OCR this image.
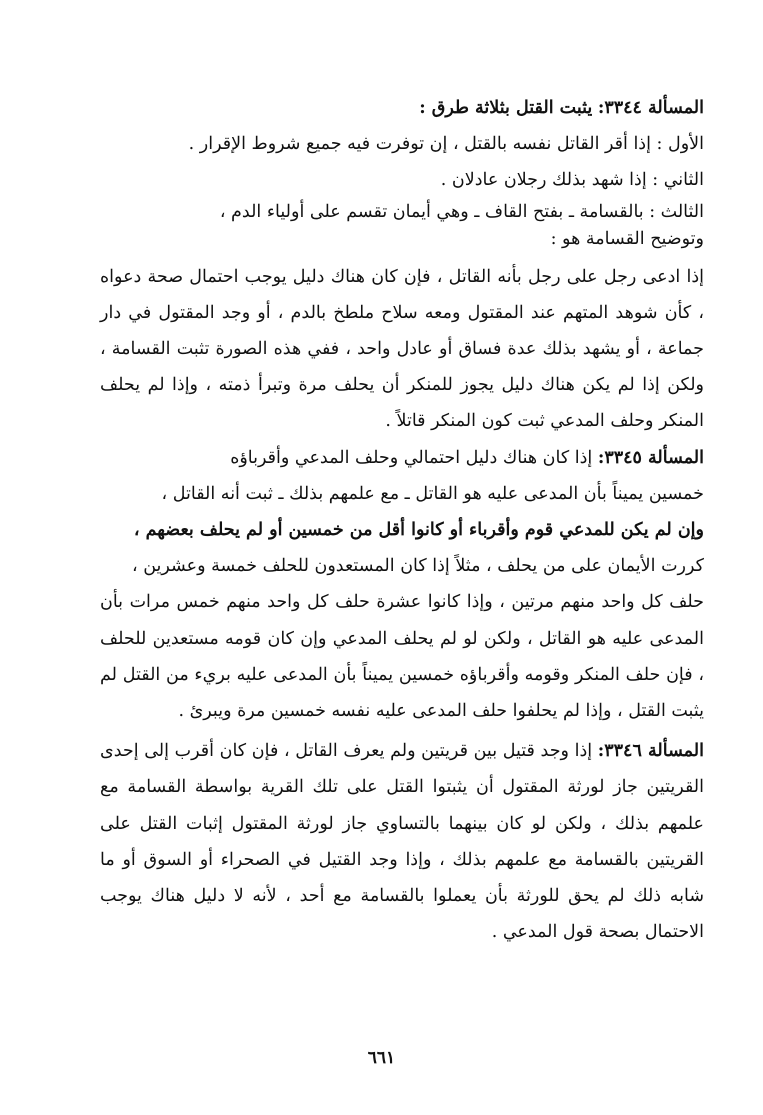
المسألة ٣٣٤٤: يثبت القتل بثلاثة طرق :

الأول : إذا أقر القاتل نفسه بالقتل ، إن توفرت فيه جميع شروط الإقرار .

الثاني : إذا شهد بذلك رجلان عادلان .

الثالث : بالقسامة ـ بفتح القاف ـ وهي أيمان تقسم على أولياء الدم ،

وتوضيح القسامة هو :

إذا ادعى رجل على رجل بأنه القاتل ، فإن كان هناك دليل يوجب احتمال صحة دعواه ، كأن شوهد المتهم عند المقتول ومعه سلاح ملطخ بالدم ، أو وجد المقتول في دار جماعة ، أو يشهد بذلك عدة فساق أو عادل واحد ، ففي هذه الصورة تثبت القسامة ، ولكن إذا لم يكن هناك دليل يجوز للمنكر أن يحلف مرة وتبرأ ذمته ، وإذا لم يحلف المنكر وحلف المدعي ثبت كون المنكر قاتلاً .

المسألة ٣٣٤٥: إذا كان هناك دليل احتمالي وحلف المدعي وأقرباؤه

خمسين يميناً بأن المدعى عليه هو القاتل ـ مع علمهم بذلك ـ ثبت أنه القاتل ،

وإن لم يكن للمدعي قوم وأقرباء أو كانوا أقل من خمسين أو لم يحلف بعضهم ،

كررت الأيمان على من يحلف ، مثلاً إذا كان المستعدون للحلف خمسة وعشرين ،

حلف كل واحد منهم مرتين ، وإذا كانوا عشرة حلف كل واحد منهم خمس مرات بأن المدعى عليه هو القاتل ، ولكن لو لم يحلف المدعي وإن كان قومه مستعدين للحلف ، فإن حلف المنكر وقومه وأقرباؤه خمسين يميناً بأن المدعى عليه بريء من القتل لم يثبت القتل ، وإذا لم يحلفوا حلف المدعى عليه نفسه خمسين مرة ويبرئ .

المسألة ٣٣٤٦: إذا وجد قتيل بين قريتين ولم يعرف القاتل ، فإن كان أقرب إلى إحدى القريتين جاز لورثة المقتول أن يثبتوا القتل على تلك القرية بواسطة القسامة مع علمهم بذلك ، ولكن لو كان بينهما بالتساوي جاز لورثة المقتول إثبات القتل على القريتين بالقسامة مع علمهم بذلك ، وإذا وجد القتيل في الصحراء أو السوق أو ما شابه ذلك لم يحق للورثة بأن يعملوا بالقسامة مع أحد ، لأنه لا دليل هناك يوجب الاحتمال بصحة قول المدعي .

٦٦١
